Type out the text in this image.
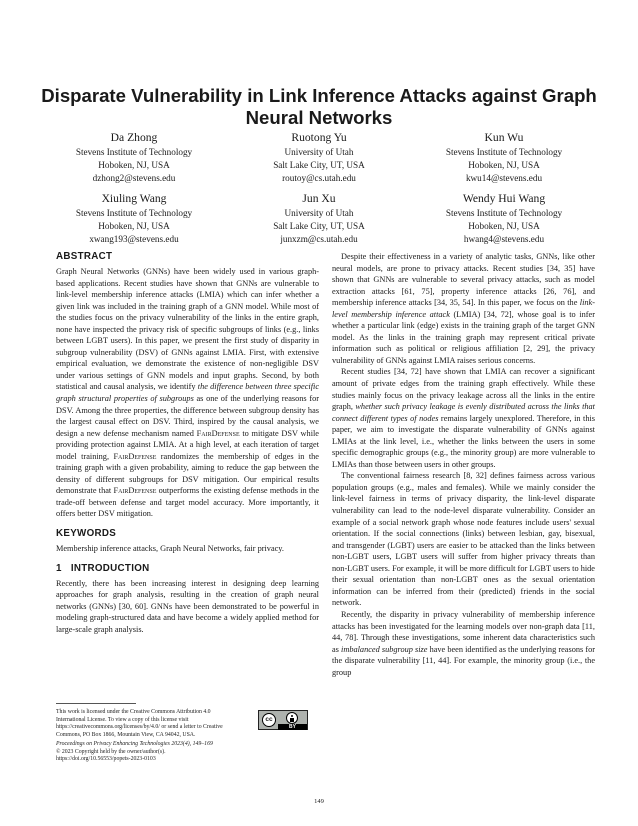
Disparate Vulnerability in Link Inference Attacks against Graph Neural Networks
Da Zhong
Stevens Institute of Technology
Hoboken, NJ, USA
dzhong2@stevens.edu
Ruotong Yu
University of Utah
Salt Lake City, UT, USA
routoy@cs.utah.edu
Kun Wu
Stevens Institute of Technology
Hoboken, NJ, USA
kwu14@stevens.edu
Xiuling Wang
Stevens Institute of Technology
Hoboken, NJ, USA
xwang193@stevens.edu
Jun Xu
University of Utah
Salt Lake City, UT, USA
junxzm@cs.utah.edu
Wendy Hui Wang
Stevens Institute of Technology
Hoboken, NJ, USA
hwang4@stevens.edu
ABSTRACT

Graph Neural Networks (GNNs) have been widely used in various graph-based applications. Recent studies have shown that GNNs are vulnerable to link-level membership inference attacks (LMIA) which can infer whether a given link was included in the training graph of a GNN model. While most of the studies focus on the privacy vulnerability of the links in the entire graph, none have inspected the privacy risk of specific subgroups of links (e.g., links between LGBT users). In this paper, we present the first study of disparity in subgroup vulnerability (DSV) of GNNs against LMIA. First, with extensive empirical evaluation, we demonstrate the existence of non-negligible DSV under various settings of GNN models and input graphs. Second, by both statistical and causal analysis, we identify the difference between three specific graph structural properties of subgroups as one of the underlying reasons for DSV. Among the three properties, the difference between subgroup density has the largest causal effect on DSV. Third, inspired by the causal analysis, we design a new defense mechanism named FairDefense to mitigate DSV while providing protection against LMIA. At a high level, at each iteration of target model training, FairDefense randomizes the membership of edges in the training graph with a given probability, aiming to reduce the gap between the density of different subgroups for DSV mitigation. Our empirical results demonstrate that FairDefense outperforms the existing defense methods in the trade-off between defense and target model accuracy. More importantly, it offers better DSV mitigation.

KEYWORDS

Membership inference attacks, Graph Neural Networks, fair privacy.

1   INTRODUCTION

Recently, there has been increasing interest in designing deep learning approaches for graph analysis, resulting in the creation of graph neural networks (GNNs) [30, 60]. GNNs have been demonstrated to be powerful in modeling graph-structured data and have become a widely applied method for large-scale graph analysis.

Despite their effectiveness in a variety of analytic tasks, GNNs, like other neural models, are prone to privacy attacks. Recent studies [34, 35] have shown that GNNs are vulnerable to several privacy attacks, such as model extraction attacks [61, 75], property inference attacks [26, 76], and membership inference attacks [34, 35, 54]. In this paper, we focus on the link-level membership inference attack (LMIA) [34, 72], whose goal is to infer whether a particular link (edge) exists in the training graph of the target GNN model. As the links in the training graph may represent critical private information such as political or religious affiliation [2, 29], the privacy vulnerability of GNNs against LMIA raises serious concerns.

Recent studies [34, 72] have shown that LMIA can recover a significant amount of private edges from the training graph effectively. While these studies mainly focus on the privacy leakage across all the links in the entire graph, whether such privacy leakage is evenly distributed across the links that connect different types of nodes remains largely unexplored. Therefore, in this paper, we aim to investigate the disparate vulnerability of GNNs against LMIAs at the link level, i.e., whether the links between the users in some specific demographic groups (e.g., the minority group) are more vulnerable to LMIAs than those between users in other groups.

The conventional fairness research [8, 32] defines fairness across various population groups (e.g., males and females). While we mainly consider the link-level fairness in terms of privacy disparity, the link-level disparate vulnerability can lead to the node-level disparate vulnerability. Consider an example of a social network graph whose node features include users' sexual orientation. If the social connections (links) between lesbian, gay, bisexual, and transgender (LGBT) users are easier to be attacked than the links between non-LGBT users, LGBT users will suffer from higher privacy threats than non-LGBT users. For example, it will be more difficult for LGBT users to hide their sexual orientation than non-LGBT ones as the sexual orientation information can be inferred from their (predicted) friends in the social network.

Recently, the disparity in privacy vulnerability of membership inference attacks has been investigated for the learning models over non-graph data [11, 44, 78]. Through these investigations, some inherent data characteristics such as imbalanced subgroup size have been identified as the underlying reasons for the disparate vulnerability [11, 44]. For example, the minority group (i.e., the group

This work is licensed under the Creative Commons Attribution 4.0 International License. To view a copy of this license visit https://creativecommons.org/licenses/by/4.0/ or send a letter to Creative Commons, PO Box 1866, Mountain View, CA 94042, USA.
cc
BY
Proceedings on Privacy Enhancing Technologies 2023(4), 149–169
© 2023 Copyright held by the owner/author(s).
https://doi.org/10.56553/popets-2023-0103
149
